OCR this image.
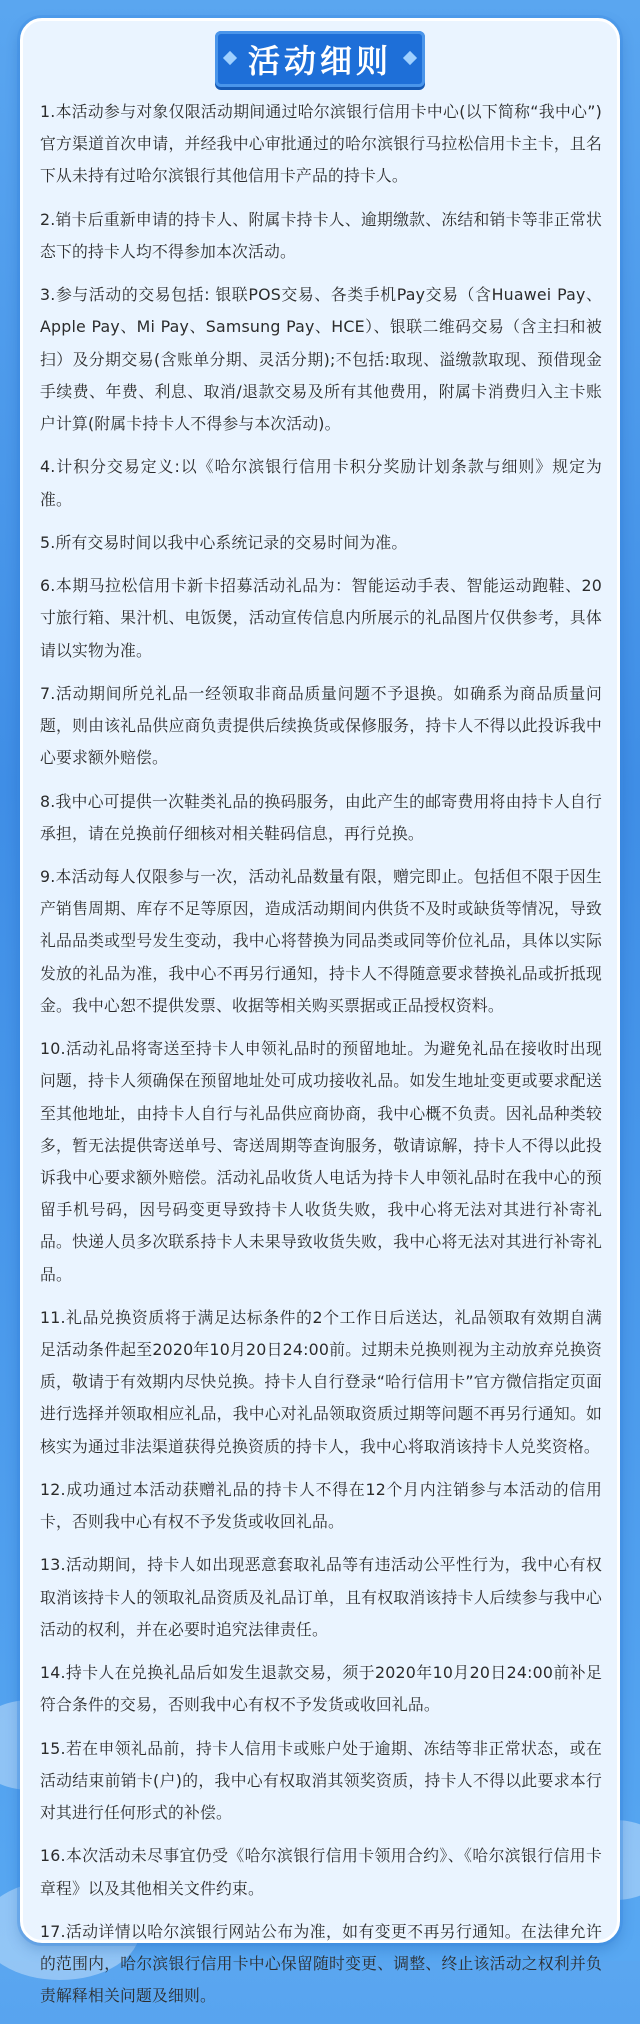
活动细则
1.本活动参与对象仅限活动期间通过哈尔滨银行信用卡中心(以下简称“我中心”)官方渠道首次申请，并经我中心审批通过的哈尔滨银行马拉松信用卡主卡，且名下从未持有过哈尔滨银行其他信用卡产品的持卡人。
2.销卡后重新申请的持卡人、附属卡持卡人、逾期缴款、冻结和销卡等非正常状态下的持卡人均不得参加本次活动。
3.参与活动的交易包括: 银联POS交易、各类手机Pay交易（含Huawei Pay、Apple Pay、Mi Pay、Samsung Pay、HCE）、银联二维码交易（含主扫和被扫）及分期交易(含账单分期、灵活分期);不包括:取现、溢缴款取现、预借现金手续费、年费、利息、取消/退款交易及所有其他费用，附属卡消费归入主卡账户计算(附属卡持卡人不得参与本次活动)。
4.计积分交易定义:以《哈尔滨银行信用卡积分奖励计划条款与细则》规定为准。
5.所有交易时间以我中心系统记录的交易时间为准。
6.本期马拉松信用卡新卡招募活动礼品为：智能运动手表、智能运动跑鞋、20寸旅行箱、果汁机、电饭煲，活动宣传信息内所展示的礼品图片仅供参考，具体请以实物为准。
7.活动期间所兑礼品一经领取非商品质量问题不予退换。如确系为商品质量问题，则由该礼品供应商负责提供后续换货或保修服务，持卡人不得以此投诉我中心要求额外赔偿。
8.我中心可提供一次鞋类礼品的换码服务，由此产生的邮寄费用将由持卡人自行承担，请在兑换前仔细核对相关鞋码信息，再行兑换。
9.本活动每人仅限参与一次，活动礼品数量有限，赠完即止。包括但不限于因生产销售周期、库存不足等原因，造成活动期间内供货不及时或缺货等情况，导致礼品品类或型号发生变动，我中心将替换为同品类或同等价位礼品，具体以实际发放的礼品为准，我中心不再另行通知，持卡人不得随意要求替换礼品或折抵现金。我中心恕不提供发票、收据等相关购买票据或正品授权资料。
10.活动礼品将寄送至持卡人申领礼品时的预留地址。为避免礼品在接收时出现问题，持卡人须确保在预留地址处可成功接收礼品。如发生地址变更或要求配送至其他地址，由持卡人自行与礼品供应商协商，我中心概不负责。因礼品种类较多，暂无法提供寄送单号、寄送周期等查询服务，敬请谅解，持卡人不得以此投诉我中心要求额外赔偿。活动礼品收货人电话为持卡人申领礼品时在我中心的预留手机号码，因号码变更导致持卡人收货失败，我中心将无法对其进行补寄礼品。快递人员多次联系持卡人未果导致收货失败，我中心将无法对其进行补寄礼品。
11.礼品兑换资质将于满足达标条件的2个工作日后送达，礼品领取有效期自满足活动条件起至2020年10月20日24:00前。过期未兑换则视为主动放弃兑换资质，敬请于有效期内尽快兑换。持卡人自行登录“哈行信用卡”官方微信指定页面进行选择并领取相应礼品，我中心对礼品领取资质过期等问题不再另行通知。如核实为通过非法渠道获得兑换资质的持卡人，我中心将取消该持卡人兑奖资格。
12.成功通过本活动获赠礼品的持卡人不得在12个月内注销参与本活动的信用卡，否则我中心有权不予发货或收回礼品。
13.活动期间，持卡人如出现恶意套取礼品等有违活动公平性行为，我中心有权取消该持卡人的领取礼品资质及礼品订单，且有权取消该持卡人后续参与我中心活动的权利，并在必要时追究法律责任。
14.持卡人在兑换礼品后如发生退款交易，须于2020年10月20日24:00前补足符合条件的交易，否则我中心有权不予发货或收回礼品。
15.若在申领礼品前，持卡人信用卡或账户处于逾期、冻结等非正常状态，或在活动结束前销卡(户)的，我中心有权取消其领奖资质，持卡人不得以此要求本行对其进行任何形式的补偿。
16.本次活动未尽事宜仍受《哈尔滨银行信用卡领用合约》、《哈尔滨银行信用卡章程》以及其他相关文件约束。
17.活动详情以哈尔滨银行网站公布为准，如有变更不再另行通知。在法律允许的范围内，哈尔滨银行信用卡中心保留随时变更、调整、终止该活动之权利并负责解释相关问题及细则。
